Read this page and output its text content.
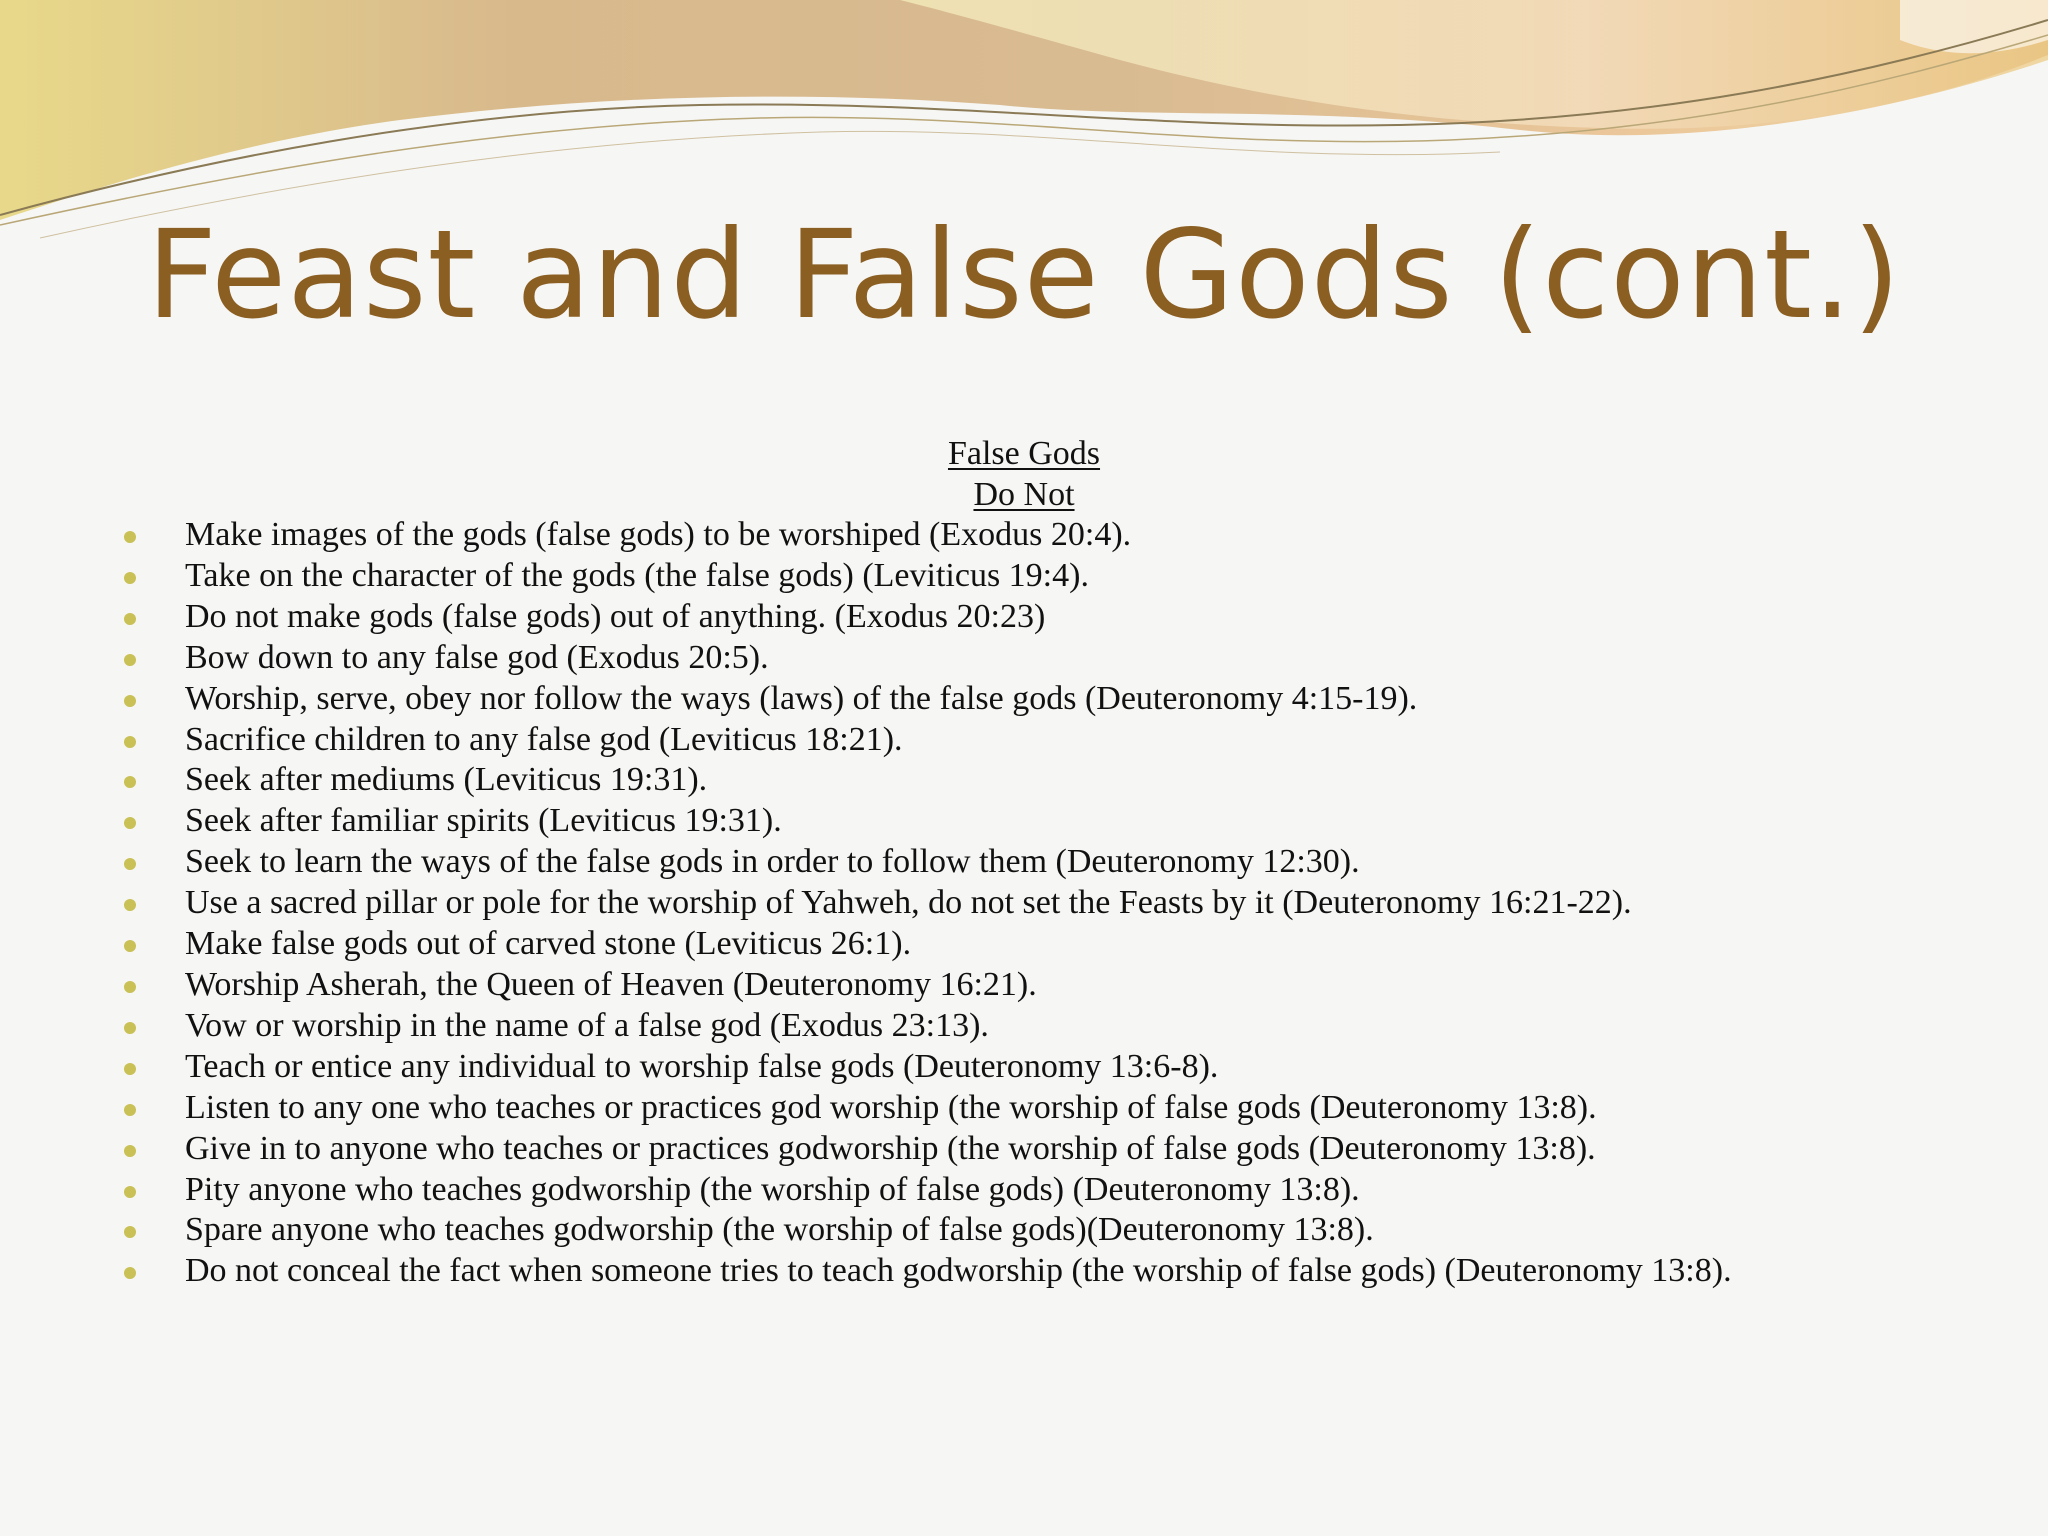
Feast and False Gods (cont.)
False Gods
Do Not
Make images of the gods (false gods) to be worshiped (Exodus 20:4).
Take on the character of the gods (the false gods) (Leviticus 19:4).
Do not make gods (false gods) out of anything. (Exodus 20:23)
Bow down to any false god (Exodus 20:5).
Worship, serve, obey nor follow the ways (laws) of the false gods (Deuteronomy 4:15-19).
Sacrifice children to any false god (Leviticus 18:21).
Seek after mediums (Leviticus 19:31).
Seek after familiar spirits (Leviticus 19:31).
Seek to learn the ways of the false gods in order to follow them (Deuteronomy 12:30).
Use a sacred pillar or pole for the worship of Yahweh, do not set the Feasts by it (Deuteronomy 16:21-22).
Make false gods out of carved stone (Leviticus 26:1).
Worship Asherah, the Queen of Heaven (Deuteronomy 16:21).
Vow or worship in the name of a false god (Exodus 23:13).
Teach or entice any individual to worship false gods (Deuteronomy 13:6-8).
Listen to any one who teaches or practices god worship (the worship of false gods (Deuteronomy 13:8).
Give in to anyone who teaches or practices godworship (the worship of false gods (Deuteronomy 13:8).
Pity anyone who teaches godworship (the worship of false gods) (Deuteronomy 13:8).
Spare anyone who teaches godworship (the worship of false gods)(Deuteronomy 13:8).
Do not conceal the fact when someone tries to teach godworship (the worship of false gods) (Deuteronomy 13:8).
